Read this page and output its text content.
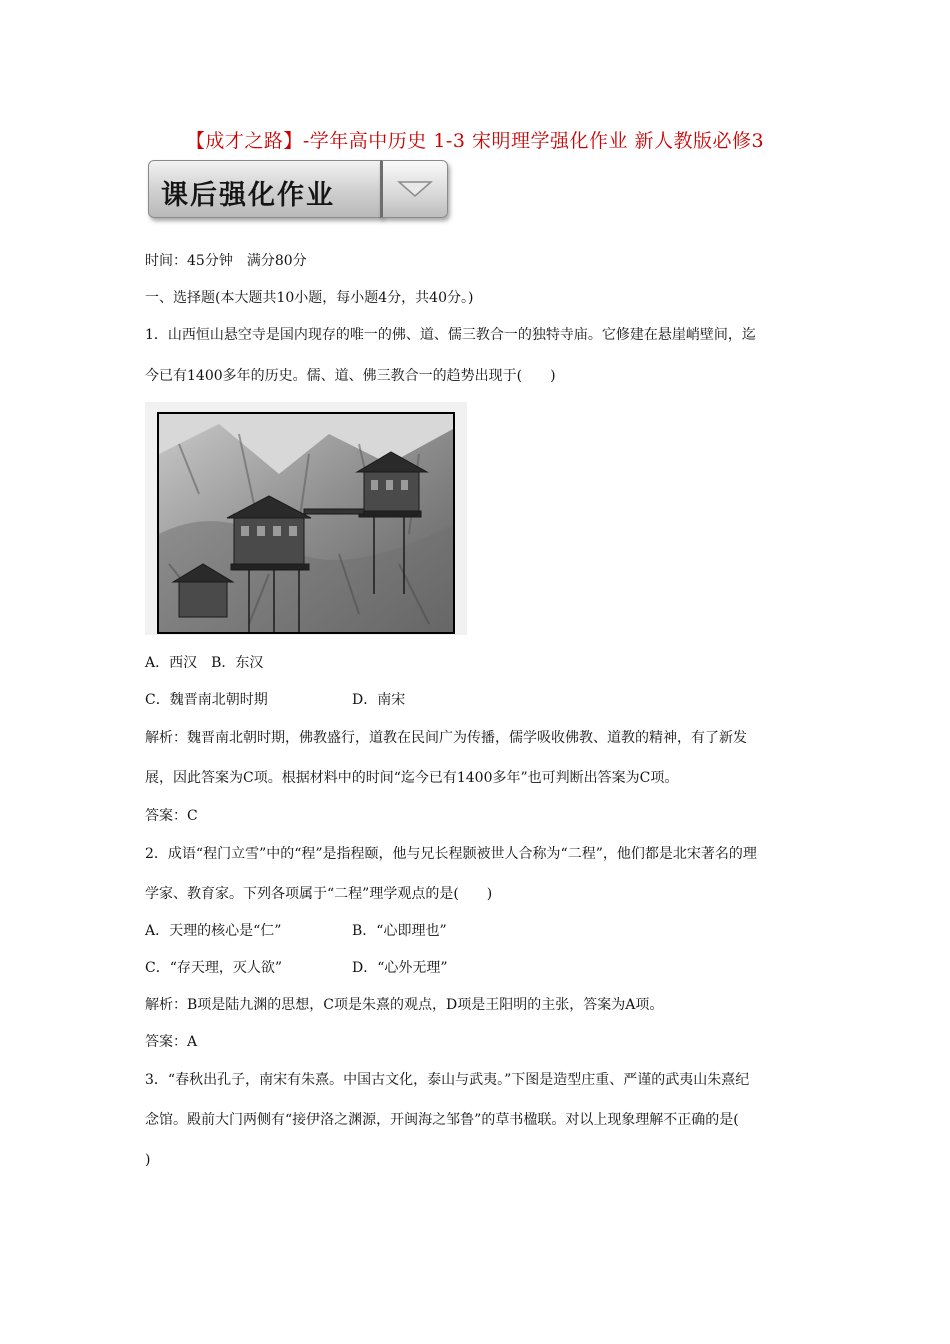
【成才之路】-学年高中历史 1-3 宋明理学强化作业 新人教版必修3
课后强化作业
时间：45分钟　满分80分
一、选择题(本大题共10小题，每小题4分，共40分。)
1．山西恒山悬空寺是国内现存的唯一的佛、道、儒三教合一的独特寺庙。它修建在悬崖峭壁间，迄
今已有1400多年的历史。儒、道、佛三教合一的趋势出现于(　　)
A．西汉　B．东汉
C．魏晋南北朝时期	D．南宋
解析：魏晋南北朝时期，佛教盛行，道教在民间广为传播，儒学吸收佛教、道教的精神，有了新发
展，因此答案为C项。根据材料中的时间“迄今已有1400多年”也可判断出答案为C项。
答案：C
2．成语“程门立雪”中的“程”是指程颐，他与兄长程颢被世人合称为“二程”，他们都是北宋著名的理
学家、教育家。下列各项属于“二程”理学观点的是(　　)
A．天理的核心是“仁”	B．“心即理也”
C．“存天理，灭人欲”	D．“心外无理”
解析：B项是陆九渊的思想，C项是朱熹的观点，D项是王阳明的主张，答案为A项。
答案：A
3．“春秋出孔子，南宋有朱熹。中国古文化，泰山与武夷。”下图是造型庄重、严谨的武夷山朱熹纪
念馆。殿前大门两侧有“接伊洛之渊源，开闽海之邹鲁”的草书楹联。对以上现象理解不正确的是(
)
